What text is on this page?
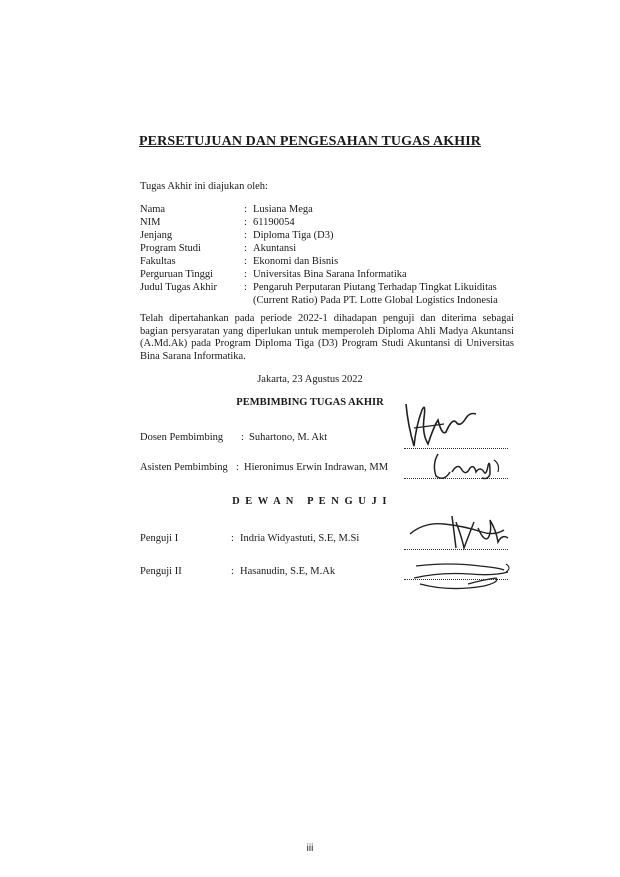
PERSETUJUAN DAN PENGESAHAN TUGAS AKHIR
Tugas Akhir ini diajukan oleh:
Nama	: Lusiana Mega
NIM	: 61190054
Jenjang	: Diploma Tiga (D3)
Program Studi	: Akuntansi
Fakultas	: Ekonomi dan Bisnis
Perguruan Tinggi	: Universitas Bina Sarana Informatika
Judul Tugas Akhir	: Pengaruh Perputaran Piutang Terhadap Tingkat Likuiditas (Current Ratio) Pada PT. Lotte Global Logistics Indonesia
Telah dipertahankan pada periode 2022-1 dihadapan penguji dan diterima sebagai bagian persyaratan yang diperlukan untuk memperoleh Diploma Ahli Madya Akuntansi (A.Md.Ak) pada Program Diploma Tiga (D3) Program Studi Akuntansi di Universitas Bina Sarana Informatika.
Jakarta, 23 Agustus 2022
PEMBIMBING TUGAS AKHIR
Dosen Pembimbing : Suhartono, M. Akt
Asisten Pembimbing : Hieronimus Erwin Indrawan, MM
D E W A N   P E N G U J I
Penguji I	: Indria Widyastuti, S.E, M.Si
Penguji II	: Hasanudin, S.E, M.Ak
iii
